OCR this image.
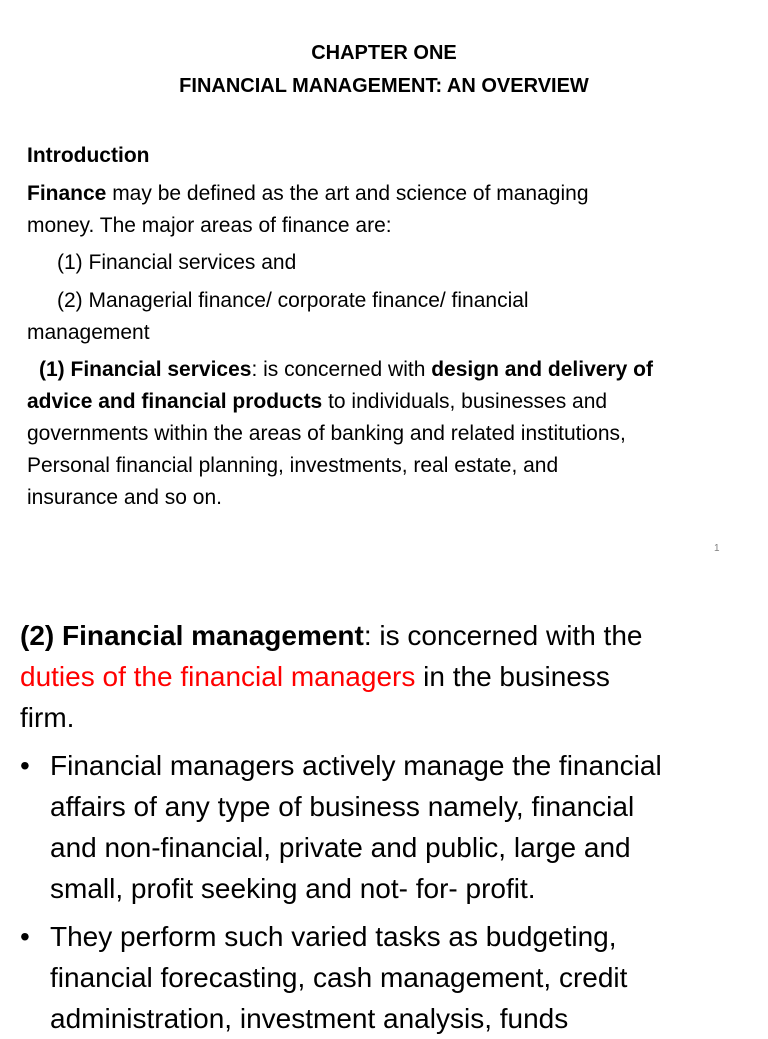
CHAPTER ONE
FINANCIAL MANAGEMENT: AN OVERVIEW
Introduction
Finance may be defined as the art and science of managing
money. The major areas of finance are:
(1) Financial services and
(2) Managerial finance/ corporate finance/ financial
management
(1) Financial services: is concerned with design and delivery of
advice and financial products to individuals, businesses and
governments within the areas of banking and related institutions,
Personal financial planning, investments, real estate, and
insurance and so on.
1
(2) Financial management: is concerned with the
duties of the financial managers in the business
firm.
• Financial managers actively manage the financial
affairs of any type of business namely, financial
and non-financial, private and public, large and
small, profit seeking and not- for- profit.
• They perform such varied tasks as budgeting,
financial forecasting, cash management, credit
administration, investment analysis, funds
